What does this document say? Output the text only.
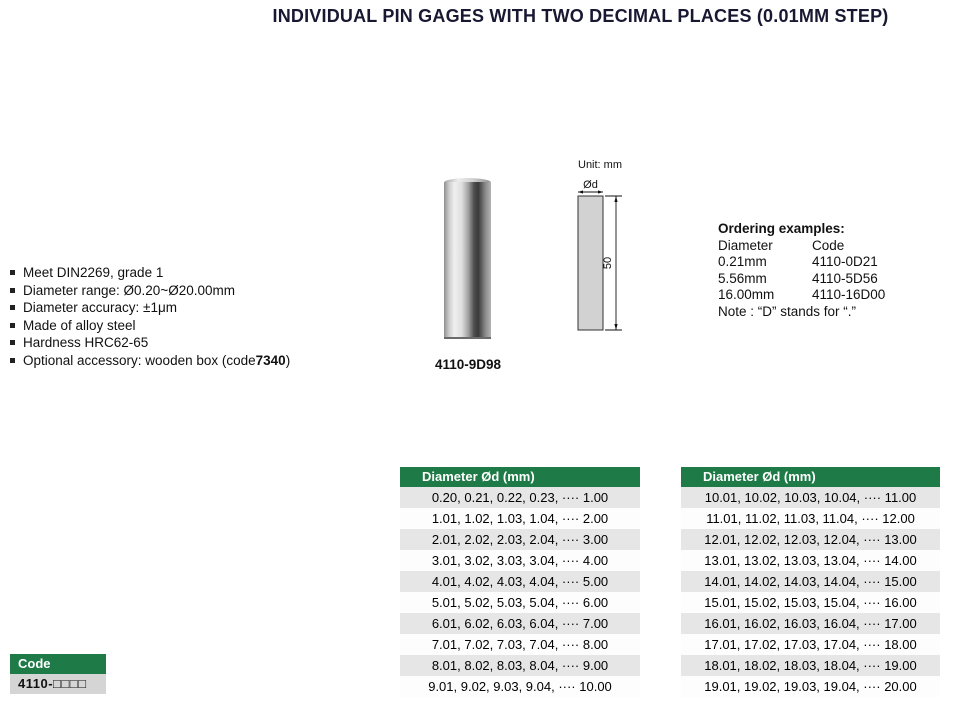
INDIVIDUAL PIN GAGES WITH TWO DECIMAL PLACES (0.01MM STEP)
Meet DIN2269, grade 1
Diameter range: Ø0.20~Ø20.00mm
Diameter accuracy: ±1μm
Made of alloy steel
Hardness HRC62-65
Optional accessory: wooden box (code 7340 )	4110-9D98
Unit: mm
Ød
50
Ordering examples:
Diameter	Code
0.21mm	4110-0D21
5.56mm	4110-5D56
16.00mm	4110-16D00
Note : “D” stands for “.”
Diameter Ød (mm)
0.20, 0.21, 0.22, 0.23, ···· 1.00
1.01, 1.02, 1.03, 1.04, ···· 2.00
2.01, 2.02, 2.03, 2.04, ···· 3.00
3.01, 3.02, 3.03, 3.04, ···· 4.00
4.01, 4.02, 4.03, 4.04, ···· 5.00
5.01, 5.02, 5.03, 5.04, ···· 6.00
6.01, 6.02, 6.03, 6.04, ···· 7.00
7.01, 7.02, 7.03, 7.04, ···· 8.00
8.01, 8.02, 8.03, 8.04, ···· 9.00
9.01, 9.02, 9.03, 9.04, ···· 10.00
Diameter Ød (mm)
10.01, 10.02, 10.03, 10.04, ···· 11.00
11.01, 11.02, 11.03, 11.04, ···· 12.00
12.01, 12.02, 12.03, 12.04, ···· 13.00
13.01, 13.02, 13.03, 13.04, ···· 14.00
14.01, 14.02, 14.03, 14.04, ···· 15.00
15.01, 15.02, 15.03, 15.04, ···· 16.00
16.01, 16.02, 16.03, 16.04, ···· 17.00
17.01, 17.02, 17.03, 17.04, ···· 18.00
18.01, 18.02, 18.03, 18.04, ···· 19.00
19.01, 19.02, 19.03, 19.04, ···· 20.00
Code
4110-□□□□
